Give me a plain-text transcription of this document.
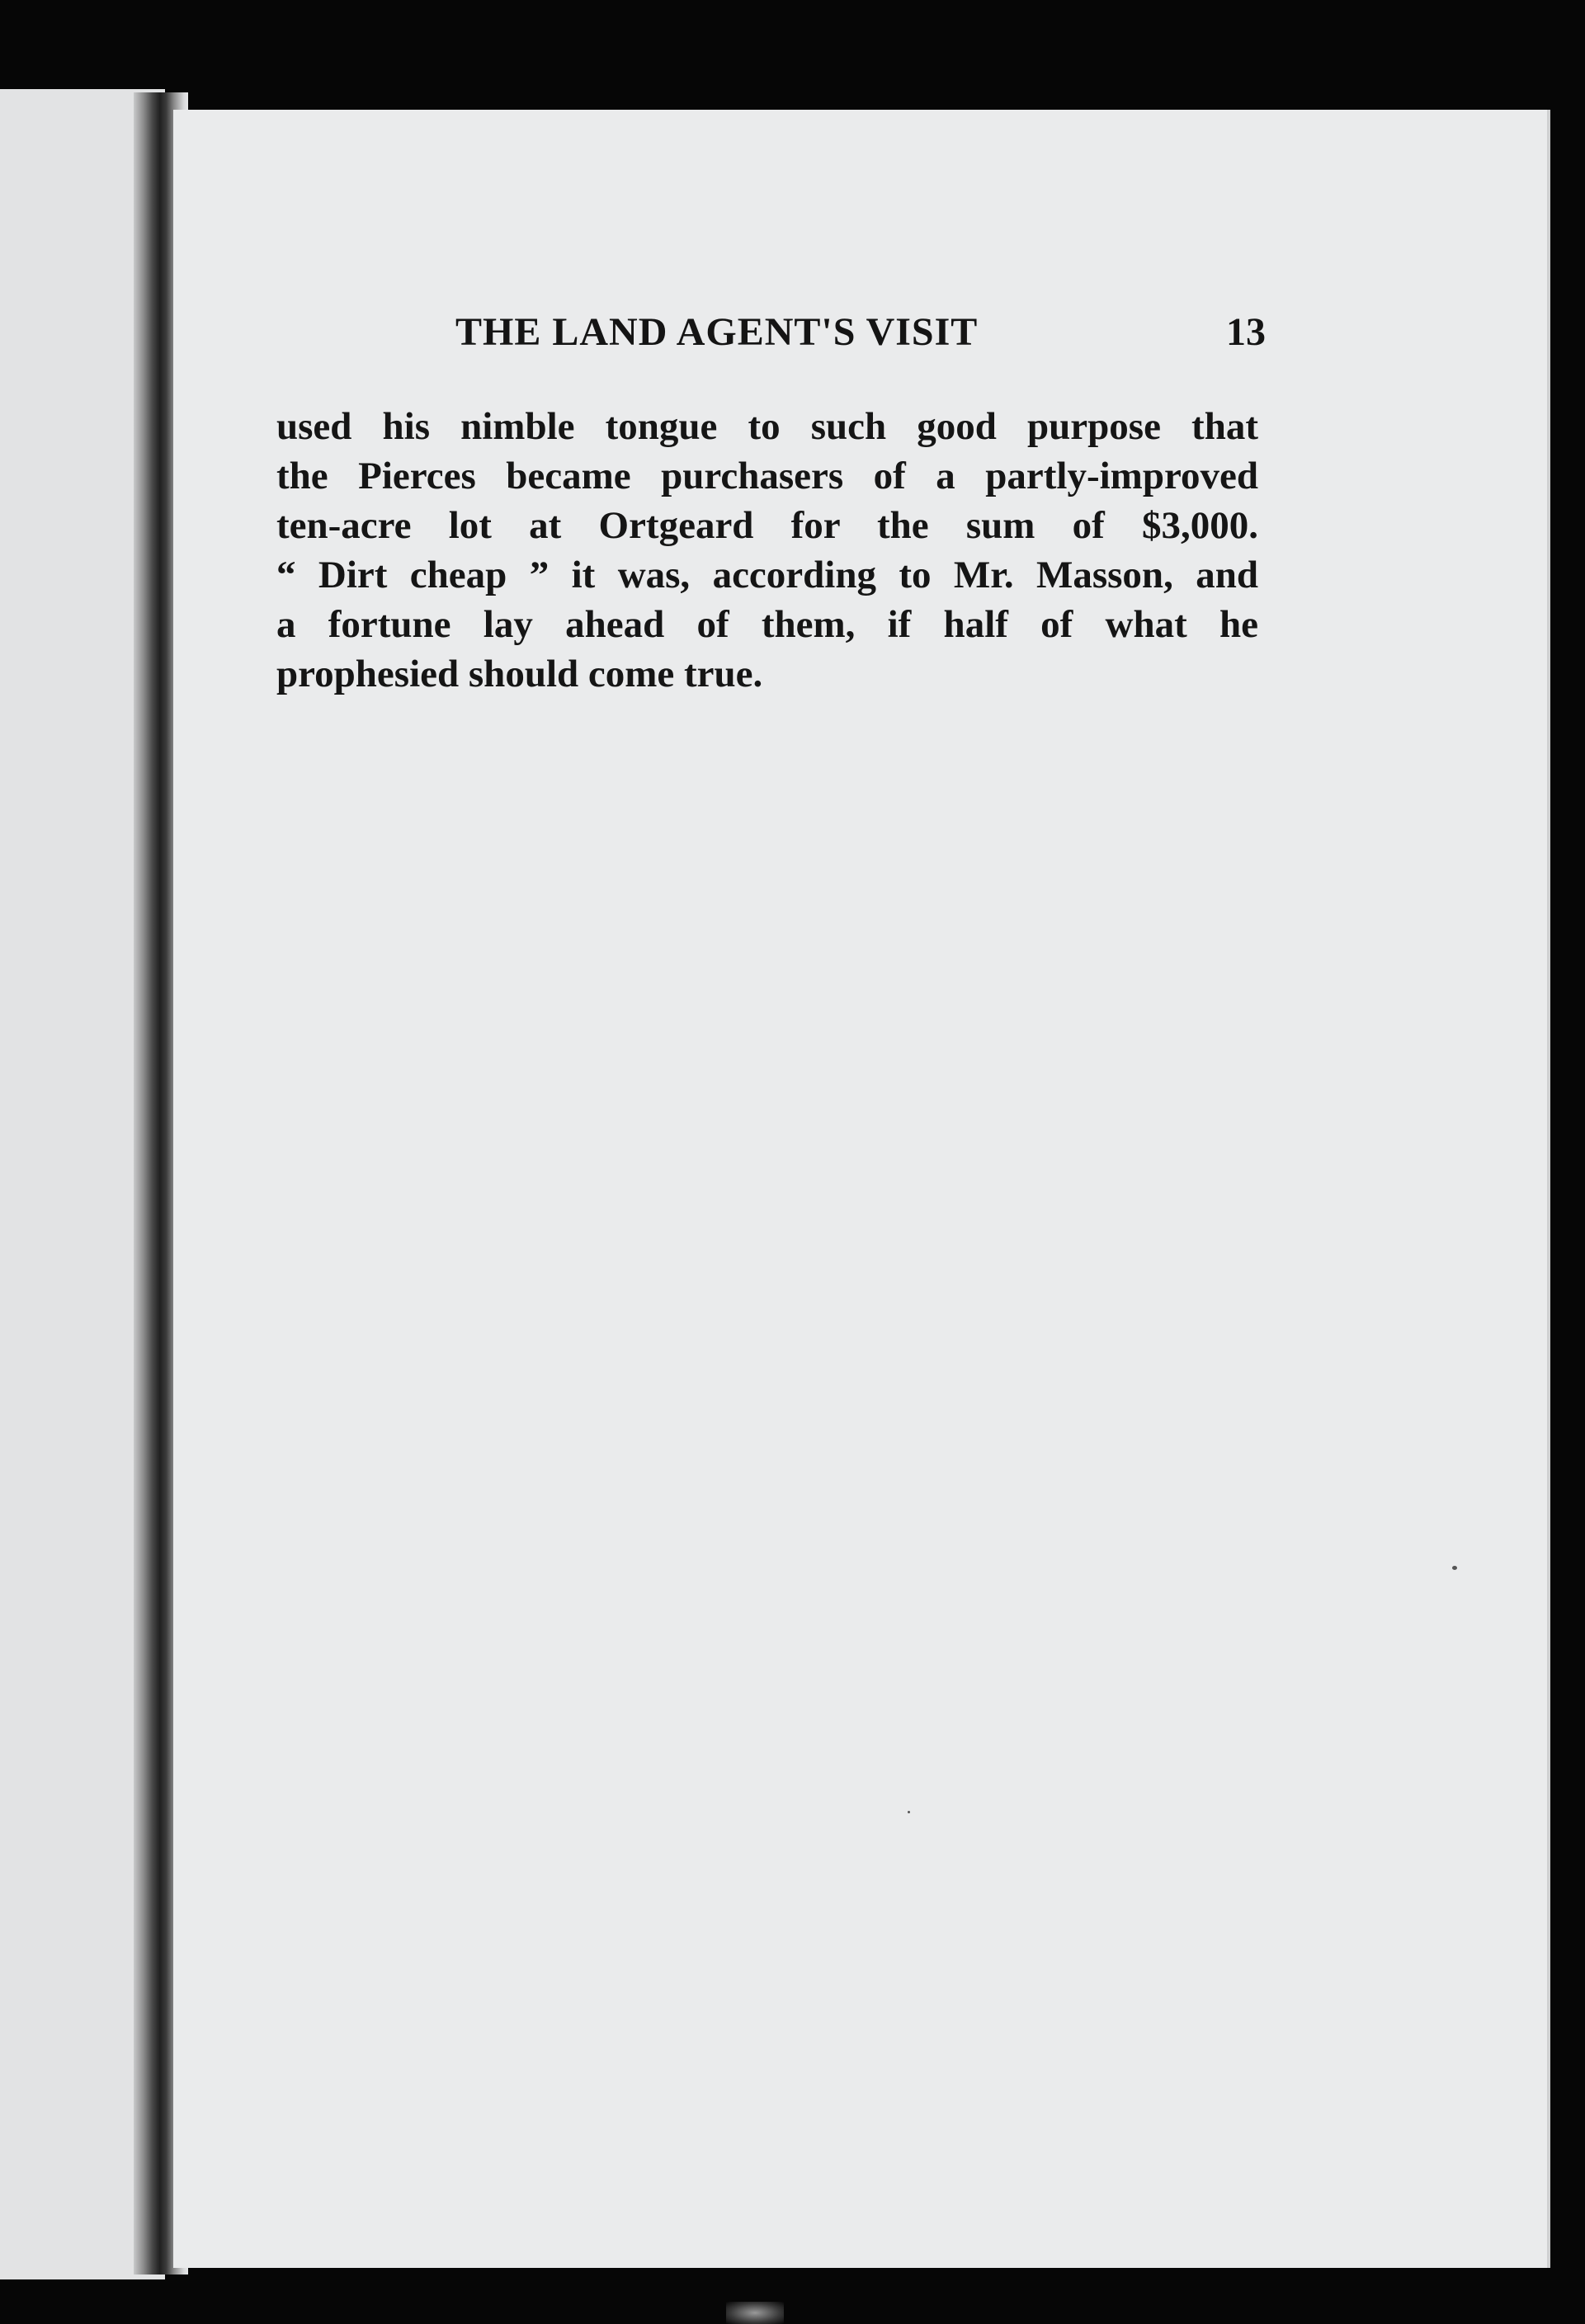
THE LAND AGENT'S VISIT	13
used his nimble tongue to such good purpose that
the Pierces became purchasers of a partly-improved
ten-acre lot at Ortgeard for the sum of $3,000.
“ Dirt cheap ” it was, according to Mr. Masson, and
a fortune lay ahead of them, if half of what he
prophesied should come true.
